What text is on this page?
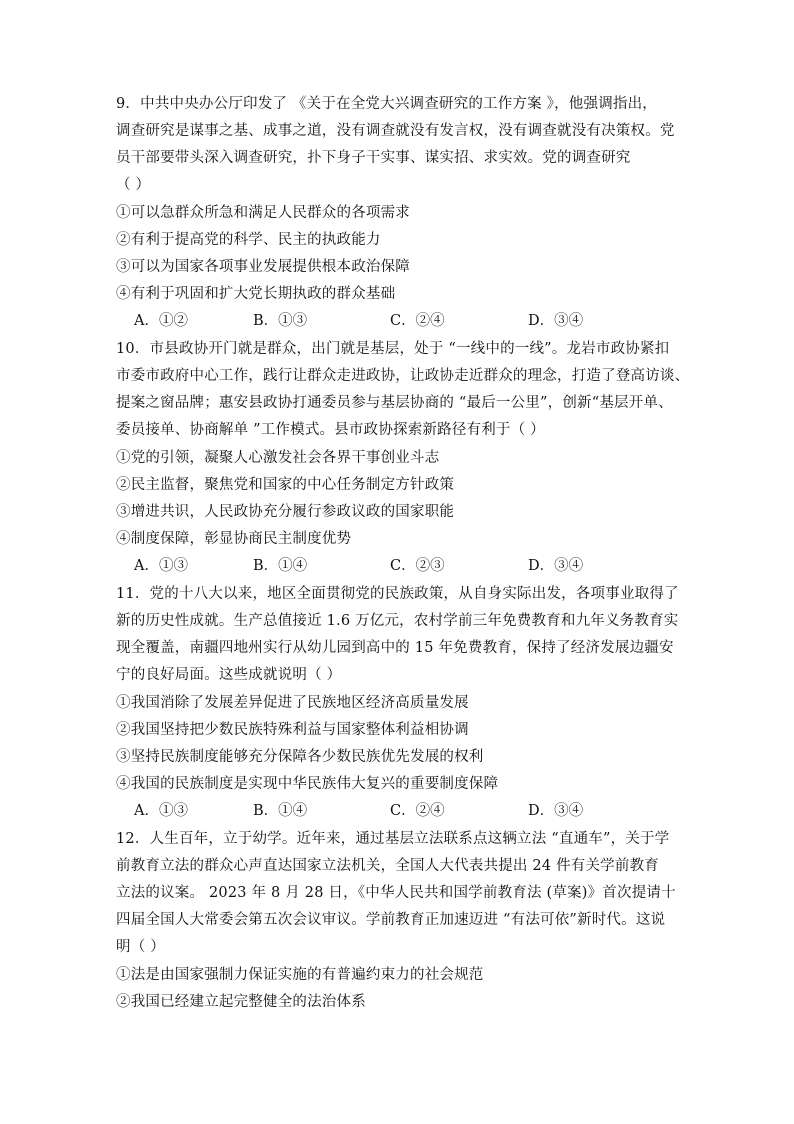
9．中共中央办公厅印发了 《关于在全党大兴调查研究的工作方案 》，他强调指出，
调查研究是谋事之基、成事之道，没有调查就没有发言权，没有调查就没有决策权。党
员干部要带头深入调查研究，扑下身子干实事、谋实招、求实效。党的调查研究
（ ）
①可以急群众所急和满足人民群众的各项需求
②有利于提高党的科学、民主的执政能力
③可以为国家各项事业发展提供根本政治保障
④有利于巩固和扩大党长期执政的群众基础
A．①②	B．①③	C．②④	D．③④
10．市县政协开门就是群众，出门就是基层，处于 “一线中的一线”。龙岩市政协紧扣
市委市政府中心工作，践行让群众走进政协，让政协走近群众的理念，打造了登高访谈、
提案之窗品牌；惠安县政协打通委员参与基层协商的 “最后一公里”，创新“基层开单、
委员接单、协商解单 ”工作模式。县市政协探索新路径有利于（ ）
①党的引领，凝聚人心激发社会各界干事创业斗志
②民主监督，聚焦党和国家的中心任务制定方针政策
③增进共识，人民政协充分履行参政议政的国家职能
④制度保障，彰显协商民主制度优势
A．①③	B．①④	C．②③	D．③④
11．党的十八大以来，地区全面贯彻党的民族政策，从自身实际出发，各项事业取得了
新的历史性成就。生产总值接近 1.6 万亿元，农村学前三年免费教育和九年义务教育实
现全覆盖，南疆四地州实行从幼儿园到高中的 15 年免费教育，保持了经济发展边疆安
宁的良好局面。这些成就说明（ ）
①我国消除了发展差异促进了民族地区经济高质量发展
②我国坚持把少数民族特殊利益与国家整体利益相协调
③坚持民族制度能够充分保障各少数民族优先发展的权利
④我国的民族制度是实现中华民族伟大复兴的重要制度保障
A．①③	B．①④	C．②④	D．③④
12．人生百年，立于幼学。近年来，通过基层立法联系点这辆立法 “直通车”，关于学
前教育立法的群众心声直达国家立法机关，全国人大代表共提出 24 件有关学前教育
立法的议案。 2023 年 8 月 28 日，《中华人民共和国学前教育法 (草案)》首次提请十
四届全国人大常委会第五次会议审议。学前教育正加速迈进 “有法可依”新时代。这说
明（ ）
①法是由国家强制力保证实施的有普遍约束力的社会规范
②我国已经建立起完整健全的法治体系
